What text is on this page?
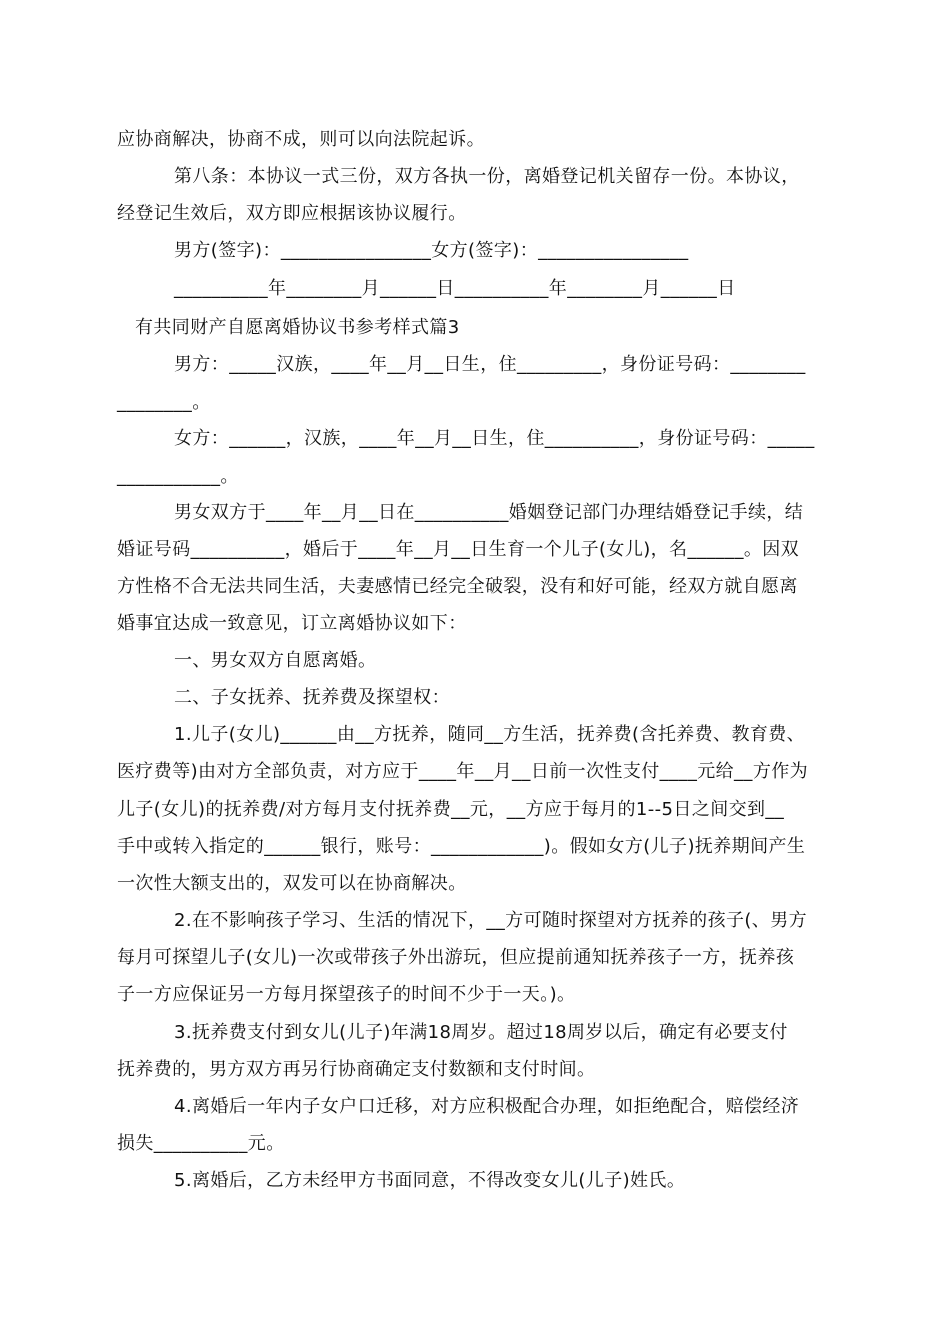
应协商解决，协商不成，则可以向法院起诉。
第八条：本协议一式三份，双方各执一份，离婚登记机关留存一份。本协议，
经登记生效后，双方即应根据该协议履行。
男方(签字)：________________女方(签字)：________________
__________年________月______日__________年________月______日
有共同财产自愿离婚协议书参考样式篇3
男方：_____汉族，____年__月__日生，住_________，身份证号码：________
________。
女方：______，汉族，____年__月__日生，住__________，身份证号码：_____
___________。
男女双方于____年__月__日在__________婚姻登记部门办理结婚登记手续，结
婚证号码__________，婚后于____年__月__日生育一个儿子(女儿)，名______。因双
方性格不合无法共同生活，夫妻感情已经完全破裂，没有和好可能，经双方就自愿离
婚事宜达成一致意见，订立离婚协议如下：
一、男女双方自愿离婚。
二、子女抚养、抚养费及探望权：
1.儿子(女儿)______由__方抚养，随同__方生活，抚养费(含托养费、教育费、
医疗费等)由对方全部负责，对方应于____年__月__日前一次性支付____元给__方作为
儿子(女儿)的抚养费/对方每月支付抚养费__元，__方应于每月的1--5日之间交到__
手中或转入指定的______银行，账号：____________)。假如女方(儿子)抚养期间产生
一次性大额支出的，双发可以在协商解决。
2.在不影响孩子学习、生活的情况下，__方可随时探望对方抚养的孩子(、男方
每月可探望儿子(女儿)一次或带孩子外出游玩，但应提前通知抚养孩子一方，抚养孩
子一方应保证另一方每月探望孩子的时间不少于一天。)。
3.抚养费支付到女儿(儿子)年满18周岁。超过18周岁以后，确定有必要支付
抚养费的，男方双方再另行协商确定支付数额和支付时间。
4.离婚后一年内子女户口迁移，对方应积极配合办理，如拒绝配合，赔偿经济
损失__________元。
5.离婚后，乙方未经甲方书面同意，不得改变女儿(儿子)姓氏。
